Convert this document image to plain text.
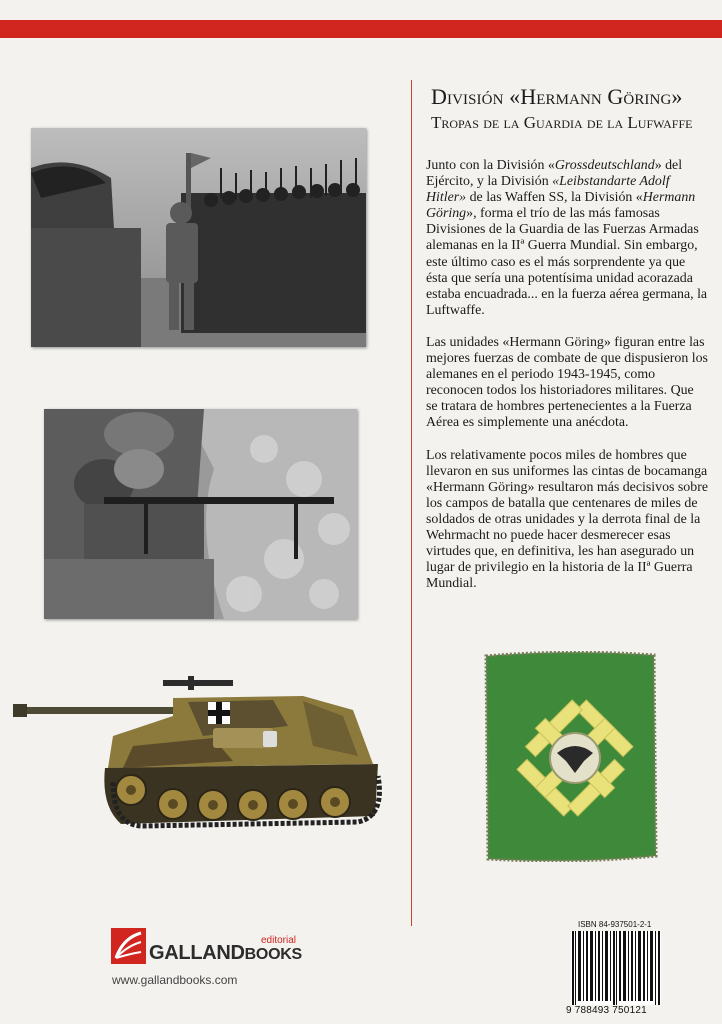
División «Hermann Göring»
Tropas de la Guardia de la Lufwaffe

Junto con la División «Grossdeutschland» del Ejército, y la División «Leibstandarte Adolf Hitler» de las Waffen SS, la División «Hermann Göring», forma el trío de las más famosas Divisiones de la Guardia de las Fuerzas Armadas alemanas en la IIª Guerra Mundial. Sin embargo, este último caso es el más sorprendente ya que ésta que sería una potentísima unidad acorazada estaba encuadrada... en la fuerza aérea germana, la Luftwaffe.

Las unidades «Hermann Göring» figuran entre las mejores fuerzas de combate de que dispusieron los alemanes en el periodo 1943-1945, como reconocen todos los historiadores militares. Que se tratara de hombres pertenecientes a la Fuerza Aérea es simplemente una anécdota.

Los relativamente pocos miles de hombres que llevaron en sus uniformes las cintas de bocamanga «Hermann Göring» resultaron más decisivos sobre los campos de batalla que centenares de miles de soldados de otras unidades y la derrota final de la Wehrmacht no puede hacer desmerecer esas virtudes que, en definitiva, les han asegurado un lugar de privilegio en la historia de la IIª Guerra Mundial.

editorial
GALLANDBOOKS
www.gallandbooks.com
ISBN 84-937501-2-1
9 788493 750121
